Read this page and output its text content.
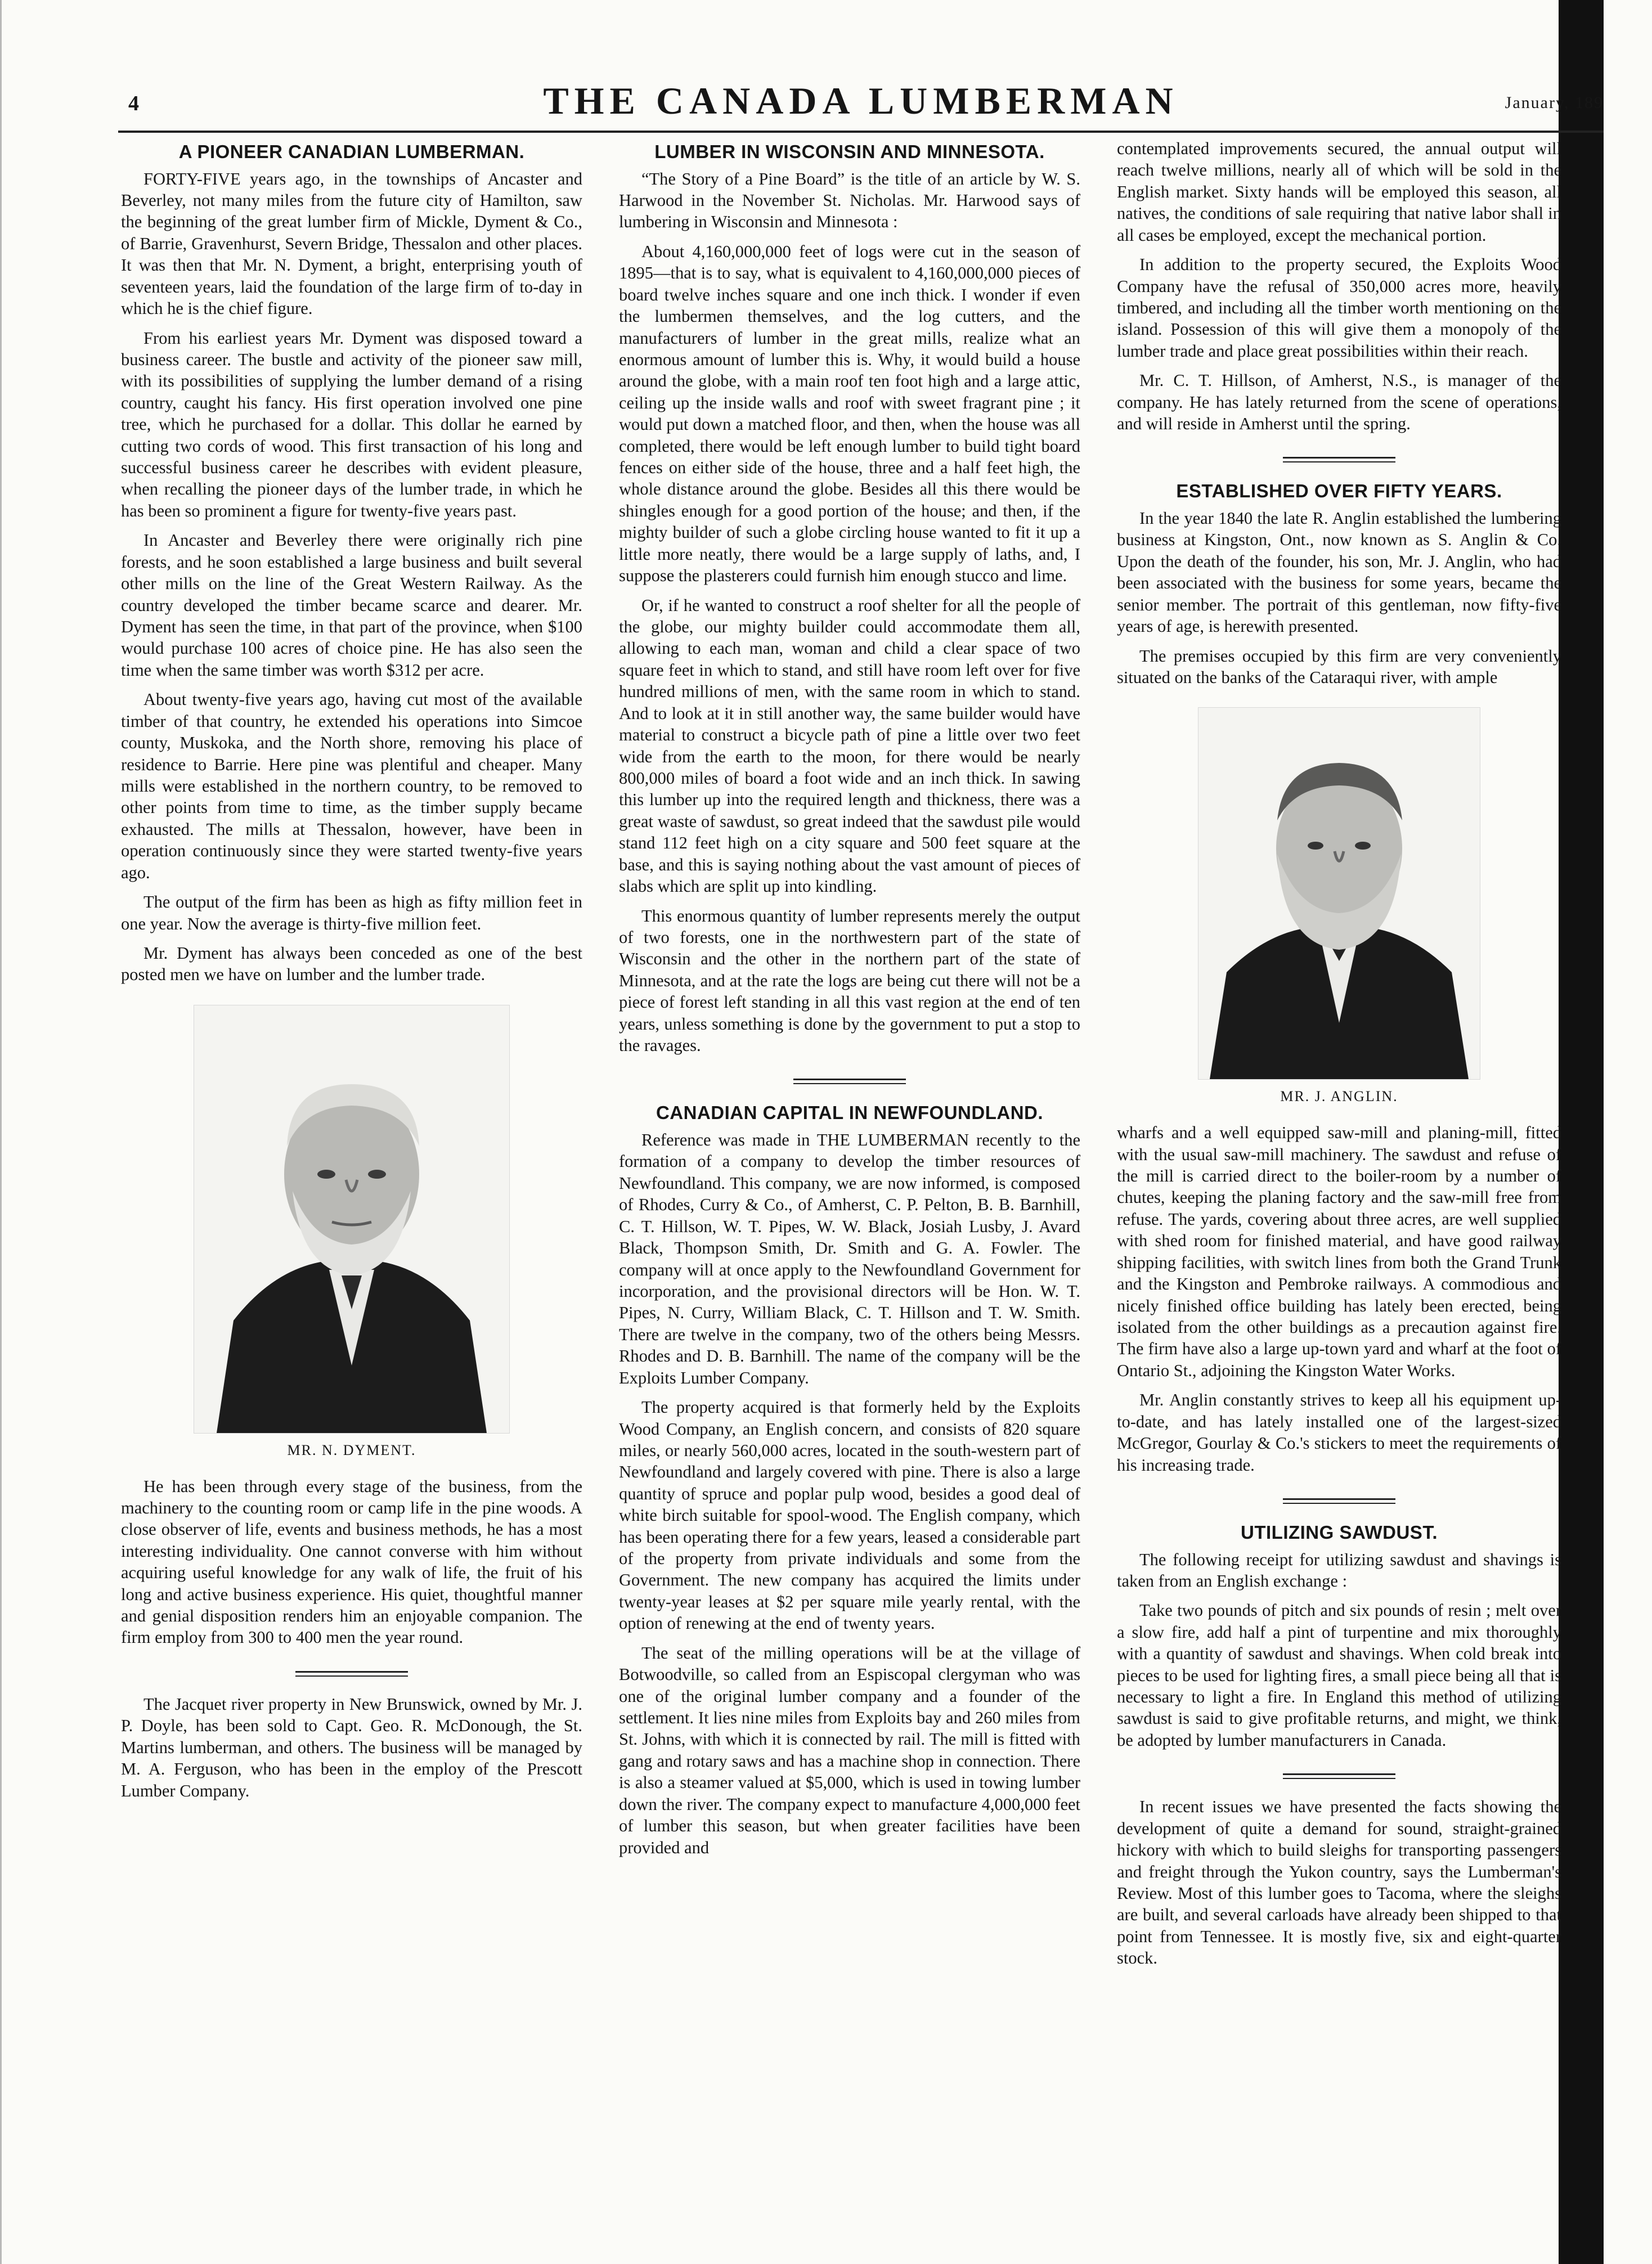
4	THE CANADA LUMBERMAN	January, 189
A PIONEER CANADIAN LUMBERMAN.

FORTY-FIVE years ago, in the townships of Ancaster and Beverley, not many miles from the future city of Hamilton, saw the beginning of the great lumber firm of Mickle, Dyment & Co., of Barrie, Gravenhurst, Severn Bridge, Thessalon and other places. It was then that Mr. N. Dyment, a bright, enterprising youth of seventeen years, laid the foundation of the large firm of to-day in which he is the chief figure.

From his earliest years Mr. Dyment was disposed toward a business career. The bustle and activity of the pioneer saw mill, with its possibilities of supplying the lumber demand of a rising country, caught his fancy. His first operation involved one pine tree, which he purchased for a dollar. This dollar he earned by cutting two cords of wood. This first transaction of his long and successful business career he describes with evident pleasure, when recalling the pioneer days of the lumber trade, in which he has been so prominent a figure for twenty-five years past.

In Ancaster and Beverley there were originally rich pine forests, and he soon established a large business and built several other mills on the line of the Great Western Railway. As the country developed the timber became scarce and dearer. Mr. Dyment has seen the time, in that part of the province, when $100 would purchase 100 acres of choice pine. He has also seen the time when the same timber was worth $312 per acre.

About twenty-five years ago, having cut most of the available timber of that country, he extended his operations into Simcoe county, Muskoka, and the North shore, removing his place of residence to Barrie. Here pine was plentiful and cheaper. Many mills were established in the northern country, to be removed to other points from time to time, as the timber supply became exhausted. The mills at Thessalon, however, have been in operation continuously since they were started twenty-five years ago.

The output of the firm has been as high as fifty million feet in one year. Now the average is thirty-five million feet.

Mr. Dyment has always been conceded as one of the best posted men we have on lumber and the lumber trade.

MR. N. DYMENT.

He has been through every stage of the business, from the machinery to the counting room or camp life in the pine woods. A close observer of life, events and business methods, he has a most interesting individuality. One cannot converse with him without acquiring useful knowledge for any walk of life, the fruit of his long and active business experience. His quiet, thoughtful manner and genial disposition renders him an enjoyable companion. The firm employ from 300 to 400 men the year round.

The Jacquet river property in New Brunswick, owned by Mr. J. P. Doyle, has been sold to Capt. Geo. R. McDonough, the St. Martins lumberman, and others. The business will be managed by M. A. Ferguson, who has been in the employ of the Prescott Lumber Company.

LUMBER IN WISCONSIN AND MINNESOTA.

“The Story of a Pine Board” is the title of an article by W. S. Harwood in the November St. Nicholas. Mr. Harwood says of lumbering in Wisconsin and Minnesota :

About 4,160,000,000 feet of logs were cut in the season of 1895—that is to say, what is equivalent to 4,160,000,000 pieces of board twelve inches square and one inch thick. I wonder if even the lumbermen themselves, and the log cutters, and the manufacturers of lumber in the great mills, realize what an enormous amount of lumber this is. Why, it would build a house around the globe, with a main roof ten foot high and a large attic, ceiling up the inside walls and roof with sweet fragrant pine ; it would put down a matched floor, and then, when the house was all completed, there would be left enough lumber to build tight board fences on either side of the house, three and a half feet high, the whole distance around the globe. Besides all this there would be shingles enough for a good portion of the house; and then, if the mighty builder of such a globe circling house wanted to fit it up a little more neatly, there would be a large supply of laths, and, I suppose the plasterers could furnish him enough stucco and lime.

Or, if he wanted to construct a roof shelter for all the people of the globe, our mighty builder could accommodate them all, allowing to each man, woman and child a clear space of two square feet in which to stand, and still have room left over for five hundred millions of men, with the same room in which to stand. And to look at it in still another way, the same builder would have material to construct a bicycle path of pine a little over two feet wide from the earth to the moon, for there would be nearly 800,000 miles of board a foot wide and an inch thick. In sawing this lumber up into the required length and thickness, there was a great waste of sawdust, so great indeed that the sawdust pile would stand 112 feet high on a city square and 500 feet square at the base, and this is saying nothing about the vast amount of pieces of slabs which are split up into kindling.

This enormous quantity of lumber represents merely the output of two forests, one in the northwestern part of the state of Wisconsin and the other in the northern part of the state of Minnesota, and at the rate the logs are being cut there will not be a piece of forest left standing in all this vast region at the end of ten years, unless something is done by the government to put a stop to the ravages.

CANADIAN CAPITAL IN NEWFOUNDLAND.

Reference was made in THE LUMBERMAN recently to the formation of a company to develop the timber resources of Newfoundland. This company, we are now informed, is composed of Rhodes, Curry & Co., of Amherst, C. P. Pelton, B. B. Barnhill, C. T. Hillson, W. T. Pipes, W. W. Black, Josiah Lusby, J. Avard Black, Thompson Smith, Dr. Smith and G. A. Fowler. The company will at once apply to the Newfoundland Government for incorporation, and the provisional directors will be Hon. W. T. Pipes, N. Curry, William Black, C. T. Hillson and T. W. Smith. There are twelve in the company, two of the others being Messrs. Rhodes and D. B. Barnhill. The name of the company will be the Exploits Lumber Company.

The property acquired is that formerly held by the Exploits Wood Company, an English concern, and consists of 820 square miles, or nearly 560,000 acres, located in the south-western part of Newfoundland and largely covered with pine. There is also a large quantity of spruce and poplar pulp wood, besides a good deal of white birch suitable for spool-wood. The English company, which has been operating there for a few years, leased a considerable part of the property from private individuals and some from the Government. The new company has acquired the limits under twenty-year leases at $2 per square mile yearly rental, with the option of renewing at the end of twenty years.

The seat of the milling operations will be at the village of Botwoodville, so called from an Espiscopal clergyman who was one of the original lumber company and a founder of the settlement. It lies nine miles from Exploits bay and 260 miles from St. Johns, with which it is connected by rail. The mill is fitted with gang and rotary saws and has a machine shop in connection. There is also a steamer valued at $5,000, which is used in towing lumber down the river. The company expect to manufacture 4,000,000 feet of lumber this season, but when greater facilities have been provided and

contemplated improvements secured, the annual output will reach twelve millions, nearly all of which will be sold in the English market. Sixty hands will be employed this season, all natives, the conditions of sale requiring that native labor shall in all cases be employed, except the mechanical portion.

In addition to the property secured, the Exploits Wood Company have the refusal of 350,000 acres more, heavily timbered, and including all the timber worth mentioning on the island. Possession of this will give them a monopoly of the lumber trade and place great possibilities within their reach.

Mr. C. T. Hillson, of Amherst, N.S., is manager of the company. He has lately returned from the scene of operations, and will reside in Amherst until the spring.

ESTABLISHED OVER FIFTY YEARS.

In the year 1840 the late R. Anglin established the lumbering business at Kingston, Ont., now known as S. Anglin & Co. Upon the death of the founder, his son, Mr. J. Anglin, who had been associated with the business for some years, became the senior member. The portrait of this gentleman, now fifty-five years of age, is herewith presented.

The premises occupied by this firm are very conveniently situated on the banks of the Cataraqui river, with ample

MR. J. ANGLIN.

wharfs and a well equipped saw-mill and planing-mill, fitted with the usual saw-mill machinery. The sawdust and refuse of the mill is carried direct to the boiler-room by a number of chutes, keeping the planing factory and the saw-mill free from refuse. The yards, covering about three acres, are well supplied with shed room for finished material, and have good railway shipping facilities, with switch lines from both the Grand Trunk and the Kingston and Pembroke railways. A commodious and nicely finished office building has lately been erected, being isolated from the other buildings as a precaution against fire. The firm have also a large up-town yard and wharf at the foot of Ontario St., adjoining the Kingston Water Works.

Mr. Anglin constantly strives to keep all his equipment up-to-date, and has lately installed one of the largest-sized McGregor, Gourlay & Co.'s stickers to meet the requirements of his increasing trade.

UTILIZING SAWDUST.

The following receipt for utilizing sawdust and shavings is taken from an English exchange :

Take two pounds of pitch and six pounds of resin ; melt over a slow fire, add half a pint of turpentine and mix thoroughly with a quantity of sawdust and shavings. When cold break into pieces to be used for lighting fires, a small piece being all that is necessary to light a fire. In England this method of utilizing sawdust is said to give profitable returns, and might, we think, be adopted by lumber manufacturers in Canada.

In recent issues we have presented the facts showing the development of quite a demand for sound, straight-grained hickory with which to build sleighs for transporting passengers and freight through the Yukon country, says the Lumberman's Review. Most of this lumber goes to Tacoma, where the sleighs are built, and several carloads have already been shipped to that point from Tennessee. It is mostly five, six and eight-quarter stock.
